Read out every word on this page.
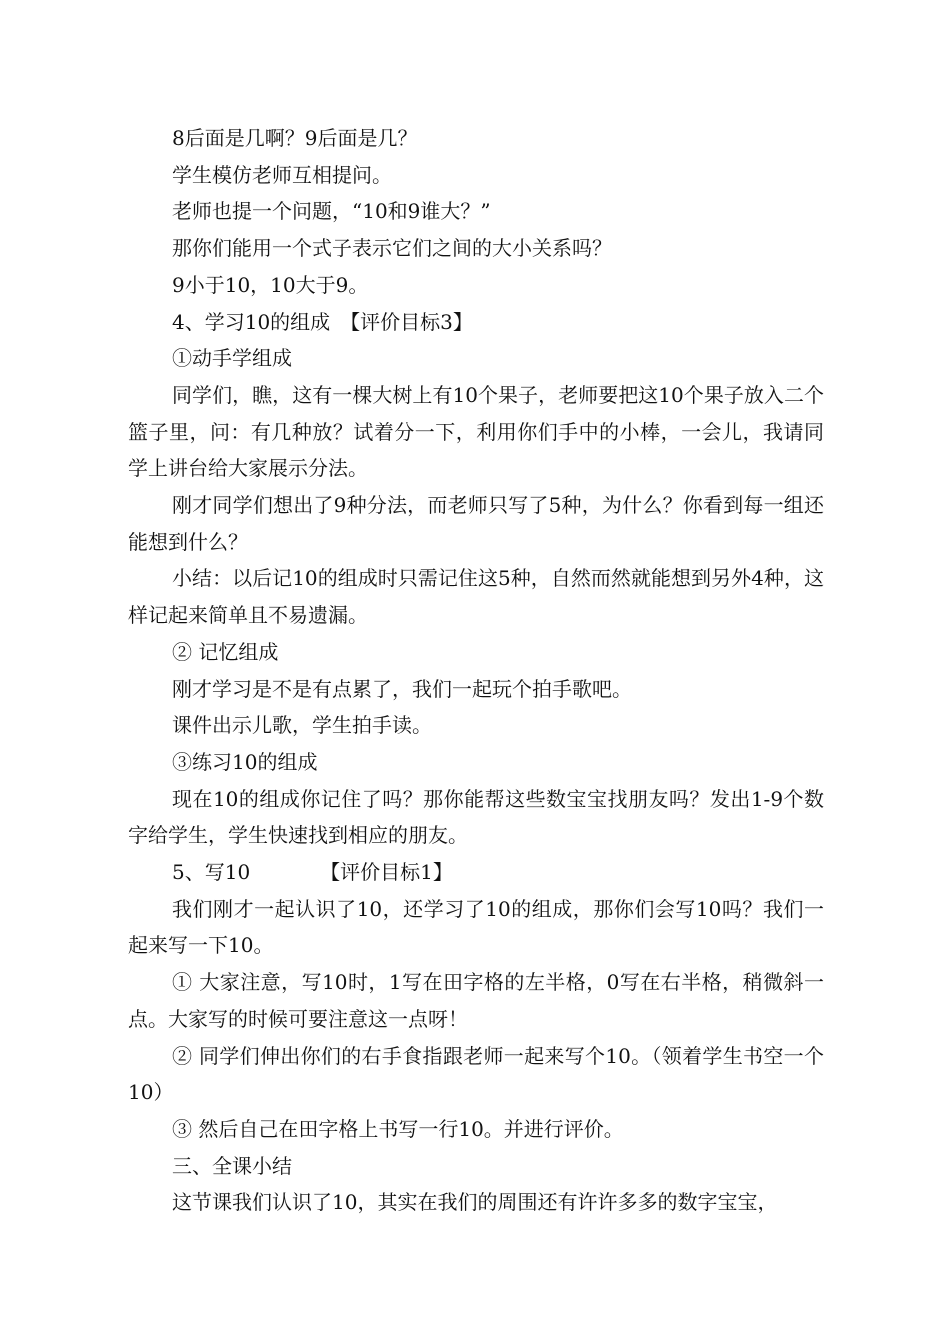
8后面是几啊？9后面是几？

学生模仿老师互相提问。

老师也提一个问题，“10和9谁大？”

那你们能用一个式子表示它们之间的大小关系吗？

9小于10，10大于9。

4、学习10的组成　【评价目标3】

①动手学组成

同学们，瞧，这有一棵大树上有10个果子，老师要把这10个果子放入二个篮子里，问：有几种放？试着分一下，利用你们手中的小棒，一会儿，我请同学上讲台给大家展示分法。

刚才同学们想出了9种分法，而老师只写了5种，为什么？你看到每一组还能想到什么？

小结：以后记10的组成时只需记住这5种，自然而然就能想到另外4种，这样记起来简单且不易遗漏。

② 记忆组成

刚才学习是不是有点累了，我们一起玩个拍手歌吧。

课件出示儿歌，学生拍手读。

③练习10的组成

现在10的组成你记住了吗？那你能帮这些数宝宝找朋友吗？发出1-9个数字给学生，学生快速找到相应的朋友。

5、写10　　　　【评价目标1】

我们刚才一起认识了10，还学习了10的组成，那你们会写10吗？我们一起来写一下10。

① 大家注意，写10时，1写在田字格的左半格，0写在右半格，稍微斜一点。大家写的时候可要注意这一点呀！

② 同学们伸出你们的右手食指跟老师一起来写个10。（领着学生书空一个10）

③ 然后自己在田字格上书写一行10。并进行评价。

三、全课小结

这节课我们认识了10，其实在我们的周围还有许许多多的数字宝宝，
